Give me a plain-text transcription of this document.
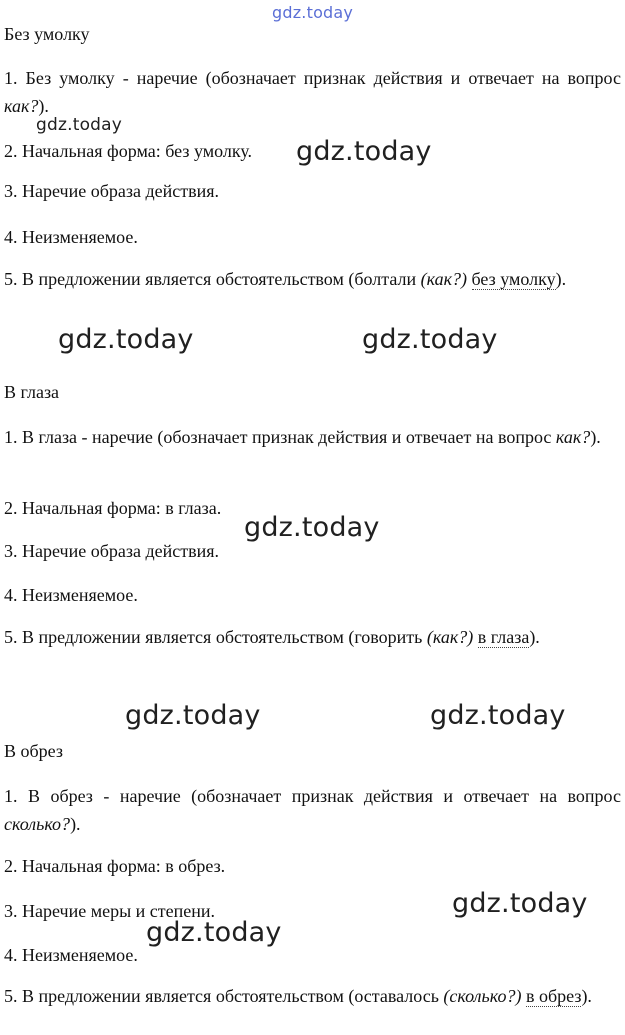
gdz.today
gdz.today
gdz.today
gdz.today	gdz.today
gdz.today
gdz.today	gdz.today
gdz.today
gdz.today
Без умолку
1. Без умолку - наречие (обозначает признак действия и отвечает на вопрос как?).
2. Начальная форма: без умолку.
3. Наречие образа действия.
4. Неизменяемое.
5. В предложении является обстоятельством (болтали (как?) без умолку).
В глаза
1. В глаза - наречие (обозначает признак действия и отвечает на вопрос как?).
2. Начальная форма: в глаза.
3. Наречие образа действия.
4. Неизменяемое.
5. В предложении является обстоятельством (говорить (как?) в глаза).
В обрез
1. В обрез - наречие (обозначает признак действия и отвечает на вопрос сколько?).
2. Начальная форма: в обрез.
3. Наречие меры и степени.
4. Неизменяемое.
5. В предложении является обстоятельством (оставалось (сколько?) в обрез).
